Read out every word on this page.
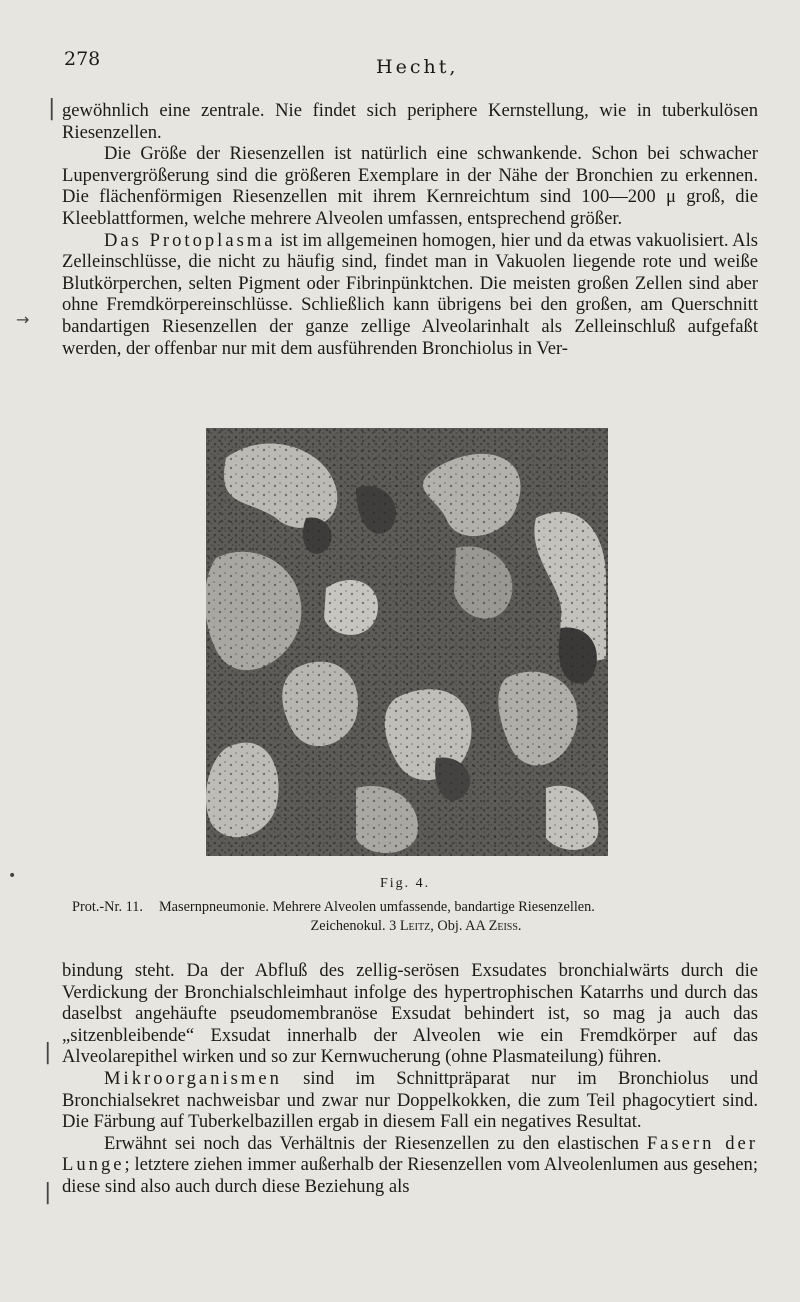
278	Hecht,
|
→

gewöhnlich eine zentrale. Nie findet sich periphere Kernstellung, wie in tuberkulösen Riesenzellen.

Die Größe der Riesenzellen ist natürlich eine schwankende. Schon bei schwacher Lupenvergrößerung sind die größeren Exemplare in der Nähe der Bronchien zu erkennen. Die flächenförmigen Riesenzellen mit ihrem Kernreichtum sind 100—200 μ groß, die Kleeblattformen, welche mehrere Alveolen umfassen, entsprechend größer.

Das Protoplasma ist im allgemeinen homogen, hier und da etwas vakuolisiert. Als Zelleinschlüsse, die nicht zu häufig sind, findet man in Vakuolen liegende rote und weiße Blutkörperchen, selten Pigment oder Fibrinpünktchen. Die meisten großen Zellen sind aber ohne Fremdkörpereinschlüsse. Schließlich kann übrigens bei den großen, am Querschnitt bandartigen Riesenzellen der ganze zellige Alveolarinhalt als Zelleinschluß aufgefaßt werden, der offenbar nur mit dem ausführenden Bronchiolus in Ver-

Fig. 4.
Prot.-Nr. 11. Masernpneumonie. Mehrere Alveolen umfassende, bandartige Riesenzellen.
Zeichenokul. 3 Leitz, Obj. AA Zeiss.
•
|
|

bindung steht. Da der Abfluß des zellig-serösen Exsudates bronchialwärts durch die Verdickung der Bronchialschleimhaut infolge des hypertrophischen Katarrhs und durch das daselbst angehäufte pseudomembranöse Exsudat behindert ist, so mag ja auch das „sitzenbleibende“ Exsudat innerhalb der Alveolen wie ein Fremdkörper auf das Alveolarepithel wirken und so zur Kernwucherung (ohne Plasmateilung) führen.

Mikroorganismen sind im Schnittpräparat nur im Bronchiolus und Bronchialsekret nachweisbar und zwar nur Doppelkokken, die zum Teil phagocytiert sind. Die Färbung auf Tuberkelbazillen ergab in diesem Fall ein negatives Resultat.

Erwähnt sei noch das Verhältnis der Riesenzellen zu den elastischen Fasern der Lunge; letztere ziehen immer außerhalb der Riesenzellen vom Alveolenlumen aus gesehen; diese sind also auch durch diese Beziehung als
